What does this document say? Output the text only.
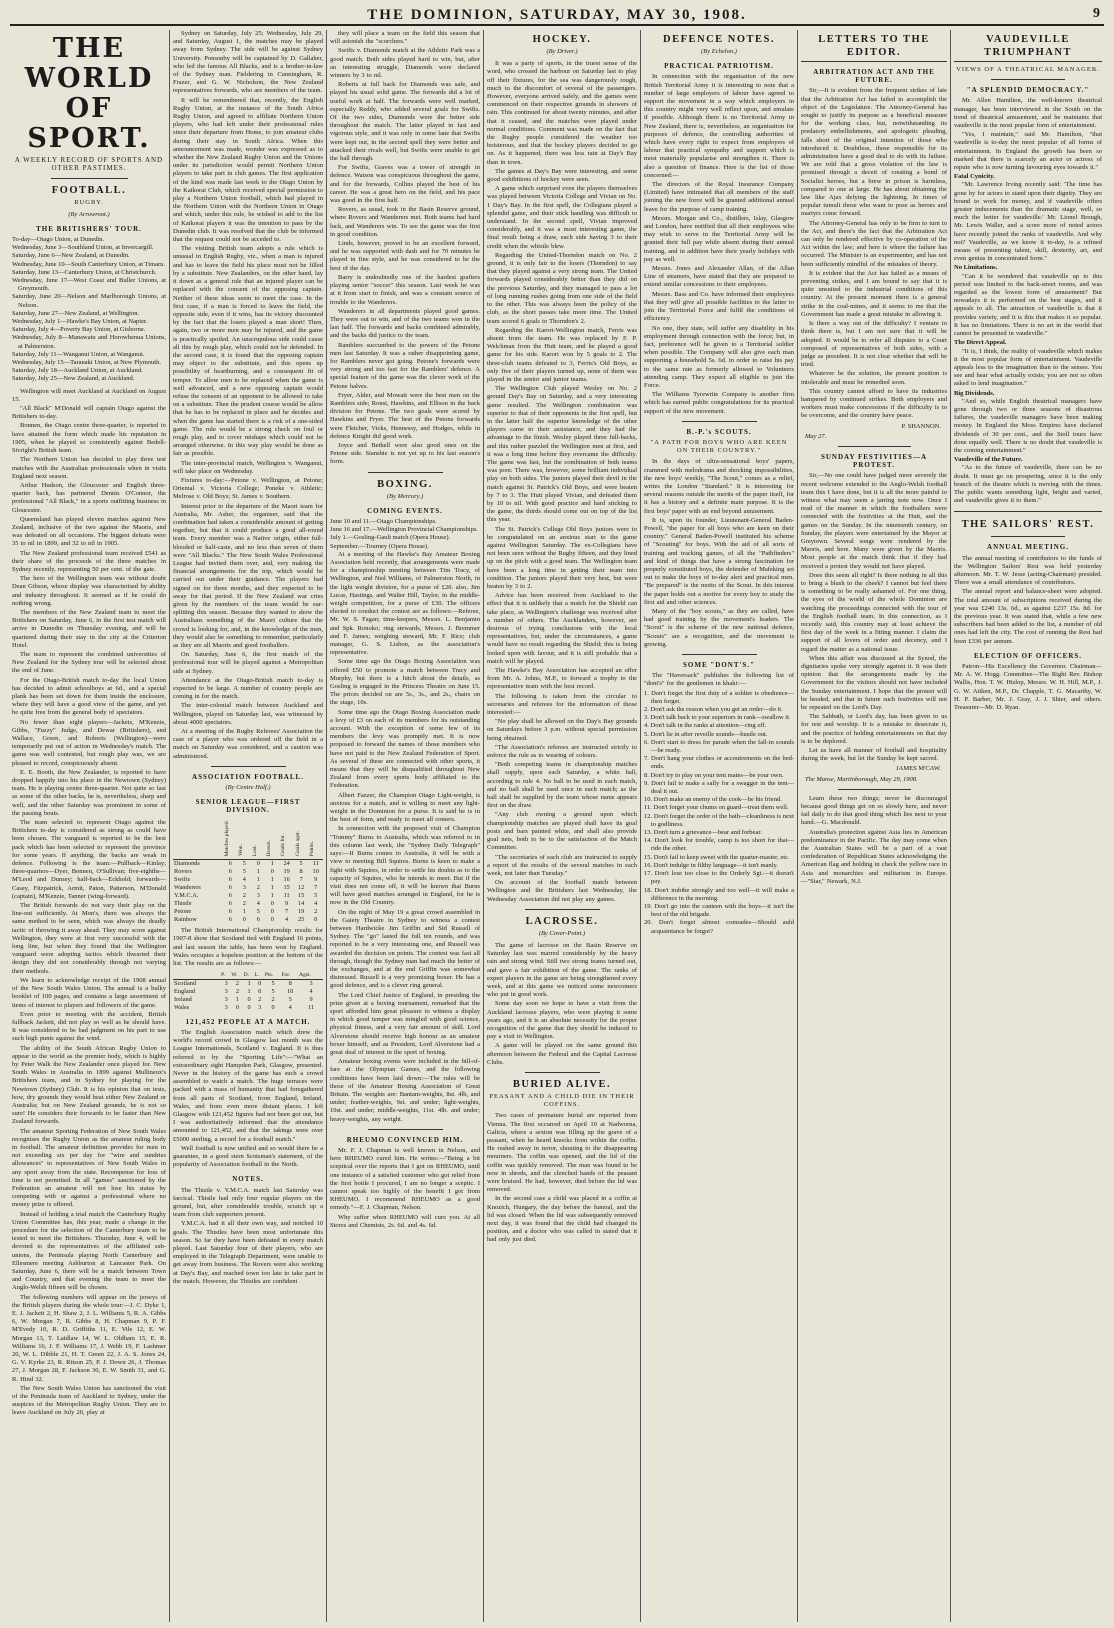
THE DOMINION, SATURDAY, MAY 30, 1908.	9
THE WORLD OF SPORT.
A WEEKLY RECORD OF SPORTS AND OTHER PASTIMES.
FOOTBALL.
RUGBY.
(By Arrowroot.)
THE BRITISHERS' TOUR.
To-day—Otago Union, at Dunedin.
Wednesday, June 3—Southland Union, at Invercargill.
Saturday, June 6—New Zealand, at Dunedin.
Wednesday, June 10—South Canterbury Union, at Timaru.
Saturday, June 13—Canterbury Union, at Christchurch.
Wednesday, June 17—West Coast and Buller Unions, at Greymouth.
Saturday, June 20—Nelson and Marlborough Unions, at Nelson.
Saturday, June 27—New Zealand, at Wellington.
Wednesday, July 1—Hawke's Bay Union, at Napier.
Saturday, July 4—Poverty Bay Union, at Gisborne.
Wednesday, July 8—Manawatu and Horowhenua Unions, at Palmerston.
Saturday, July 11—Wanganui Union, at Wanganui.
Wednesday, July 15—Taranaki Union, at New Plymouth.
Saturday, July 18—Auckland Union, at Auckland.
Saturday, July 25—New Zealand, at Auckland.
Wellington will meet Auckland at Auckland on August 15.
"All Black" M'Donald will captain Otago against the Britishers to-day.
Bonnen, the Otago centre three-quarter, is reported to have attained the form which made his reputation in 1905, when he played so consistently against Bedell-Sivright's British team.
The Northern Union has decided to play three test matches with the Australian professionals when in visits England next season.
Arthur Hudson, the Gloucester and English three-quarter back, has partnered Dennis O'Connor, the professional "All Black," in a sports outfitting business in Gloucester.
Queensland has played eleven matches against New Zealand, inclusive of the two against the Maoris, and was defeated on all occasions. The biggest defeats were 35 to nil in 1899, and 32 to nil in 1905.
The New Zealand professional team received £541 as their share of the proceeds of the three matches in Sydney recently, representing 50 per cent. of the gate.
The hero of the Wellington team was without doubt Dean Gibson, whose display was characterised by ability and industry throughout. It seemed as if he could do nothing wrong.
The members of the New Zealand team to meet the Britishers on Saturday, June 6, in the first test match will arrive in Dunedin on Thursday evening, and will be quartered during their stay in the city at the Criterion Hotel.
The team to represent the combined universities of New Zealand for the Sydney tour will be selected about the end of June.
For the Otago-British match to-day the local Union has decided to admit schoolboys at 6d., and a special plank has been set down for them inside the enclosure, where they will have a good view of the game, and yet be quite free from the general body of spectators.
No fewer than eight players—Jackets, M'Kenzie, Gibbs, "Fuzzy" Judge, and Dewar (Britishers), and Wallace, Green, and Roberts (Wellington)—were temporarily put out of action in Wednesday's match. The game was well contested, but rough play was, we are pleased to record, conspicuously absent.
E. E. Booth, the New Zealander, is reported to have dropped happily into his place in the Newtown (Sydney) team. He is playing centre three-quarter. Not quite so fast as some of the other backs, he is, nevertheless, sharp and well, and the other Saturday was prominent in some of the passing bouts.
The team selected to represent Otago against the Britishers to-day is considered as strong as could have been chosen. The vanguard is reported to be the best pack which has been selected to represent the province for some years. If anything, the backs are weak in defence. Following is the team:—Pullback—Kinlay; three-quarters—Dyer, Bonnen, O'Sullivan; five-eighths—M'Leod and Dunsey; half-back—Eckhold; forwards—Casey, Fitzpatrick, Armit, Paton, Patterson, M'Donald (captain), M'Kenzie, Tanner (wing-forward).
The British forwards do not vary their play on the line-out sufficiently. At Mon's, there was always the same method to be seen, which was always the deadly tactic of throwing it away ahead. They may score against Wellington, they were at first very successful with the long line, but when they found that the Wellington vanguard were adopting tactics which thwarted their design they did not considerably through not varying their methods.
We learn to acknowledge receipt of the 1908 annual of the New South Wales Union. The annual is a bulky booklet of 100 pages, and contains a large assortment of items of interest to players and followers of the game.
Even prior to meeting with the accident, British fullback Jackett, did not play so well as he should have. It was considered to be bad judgment on his part to use such high punts against the wind.
The ability of the South African Rugby Union to appear to the world as the premier body, which is highly by Peter Walk the New Zealander once played for. New South Wales in Australia in 1899 against Mullineux's Britishers team, and in Sydney for playing for the Newtown (Sydney) Club. It is his opinion that on tests, how, dry grounds they would beat either New Zealand or Australia; but on New Zealand grounds, he is not so sure! He considers their forwards to be faster than New Zealand forwards.
The amateur Sporting Federation of New South Wales recognises the Rugby Union as the amateur ruling body in football. The amateur definition provides for men in not exceeding six per day for "wire and sundries allowances" to representatives of New South Wales in any sport away from the state. Recompense for loss of time is not permitted. In all "games" sanctioned by the Federation an amateur will not lose his status by competing with or against a professional where no money prize is offered.
Instead of holding a trial match the Canterbury Rugby Union Committee has, this year, made a change in the procedure for the selection of the Canterbury team to be tested to meet the Britishers. Thursday, June 4, will be devoted to the representatives of the affiliated sub-unions, the Peninsula playing North Canterbury and Ellesmere meeting Ashburton at Lancaster Park. On Saturday, June 6, there will be a match between Town and Country, and that evening the team to meet the Anglo-Welsh fifteen will be chosen.
The following numbers will appear on the jerseys of the British players during the whole tour:—J. C. Dyke 1, E. J. Jackett 2, H. Shaw 2, J. L. Williams 5, R. A. Gibbs 6, W. Morgan 7, R. Gibbs 8, H. Chapman 9, P. F. M'Evedy 10, R. D. Griffiths 11, E. Vile 12, E. W. Morgan 13, T. Laidlaw 14, W. L. Oldham 15, E. R. Williams 16, J. F. Williams 17, J. Webb 19, F. Lashmer 20, W. L. Dibble 21, H. T. Green 22, J. A. S. Jones 24, G. V. Kyrke 23, R. Ritson 25, P. J. Down 26, J. Thomas 27, J. Morgan 28, F. Jackson 30, E. W. Smith 31, and G. R. Hind 32.
The New South Wales Union has sanctioned the visit of the Peninsula team of Auckland to Sydney, under the auspices of the Metropolitan Rugby Union. They are to leave Auckland on July 20, play at
Sydney on Saturday, July 25; Wednesday, July 29, and Saturday, August 1, the matches may be played away from Sydney. The side will be against Sydney University. Ponsonby will be captained by D. Gallaher, who led the famous All Blacks, and is a brother-in-law of the Sydney man. Fieldering in Cunningham, R. Frazer, and G. W. Nicholson, the New Zealand representatives forwards, who are members of the team.
It will be remembered that, recently, the English Rugby Union, at the instance of the South Africa Rugby Union, and agreed to affiliate Northern Union players, who had left under their professional rules since their departure from Home, to join amateur clubs during their stay in South Africa. When this announcement was made, wonder was expressed as to whether the New Zealand Rugby Union and the Unions under its jurisdiction would permit Northern Union players to take part in club games. The first application of the kind was made last week to the Otago Union by the Kaikorai Club, which received special permission to play a Northern Union football, which had played in the Northern Union with the Northern Union in Otago and which, under this rule, he wished to add to the list of Kaikorai players it was the intention to pass by the Dunedin club. It was resolved that the club be informed that the request could not be acceded to.
The visiting British team adopts a rule which is unusual in English Rugby, viz., when a man is injured and has to leave the field his place must not be filled by a substitute. New Zealanders, on the other hand, lay it down as a general rule that an injured player can be replaced with the consent of the opposing captain. Neither of these ideas seem to meet the case. In the first case, if a man is forced to leave the field, the opposite side, even if it wins, has its victory discounted by the fact that the losers played a man short! Then, again, two or more men may be injured, and the game is practically spoiled. An unscrupulous side could cause all this by rough play, which could not be defended. In the second case, it is found that the opposing captain may object to the substitute, and this opens up possibility of heartburning, and a consequent fit of temper. To allow men to be replaced when the game is well advanced, and a new opposing captain would refuse the consent of an opponent to be allowed to take on a substitute. Then the prudent course would be allow that he has to be replaced in place and he decides and when the game has started there is a risk of a one-sided game. The rule would be a strong check on foul or rough play, and to cover mishaps which could not be arranged otherwise. In this way play would be done as fair as possible.
The inter-provincial match, Wellington v. Wanganui, will take place on Wednesday.
Fixtures to-day:—Petone v. Wellington, at Petone; Oriental v. Victoria College; Poneke v. Athletic; Melrose v. Old Boys; St. James v. Southern.
Interest prior to the departure of the Maori team for Australia, Mr. Asher, the organiser, said that the combination had taken a considerable amount of getting together, but that it could produce a good all-round team. Every member was a Native origin, either full-blooded or half-caste, and no less than seven of them were "All Blacks." The New South Wales Professional League had invited them over, and, very making the financial arrangements for the trip, which would be carried out under their guidance. The players had signed on for three months, and they expected to be away for that period. If the New Zealand war cries given by the members of the team would be ear-splitting this season. Because they wanted to show the Australians something of the Maori culture that the crowd is looking for, and, in the knowledge of the men, they would also be something to remember, particularly as they are all Maoris and good footballers.
On Saturday, June 6, the first match of the professional tour will be played against a Metropolitan side at Sydney.
Attendance at the Otago-British match to-day is expected to be large. A number of country people are coming in for the match.
The inter-colonial match between Auckland and Wellington, played on Saturday last, was witnessed by about 4000 spectators.
At a meeting of the Rugby Referees' Association the case of a player who was ordered off the field in a match on Saturday was considered, and a caution was administered.
ASSOCIATION FOOTBALL.
(By Centre Half.)
SENIOR LEAGUE—FIRST DIVISION.
	Matches played.	Won.	Lost.	Drawn.	Goals for.	Goals agst.	Points.
Diamonds	6	5	0	1	24	5	11
Rovers	6	5	1	0	19	8	10
Swifts	6	4	1	1	16	7	9
Wanderers	6	3	2	1	15	12	7
Y.M.C.A.	6	2	3	1	11	15	5
Thistle	6	2	4	0	9	14	4
Petone	6	1	5	0	7	19	2
Rainbow	6	0	6	0	4	25	0
The British International Championship results for 1907-8 show that Scotland tied with England 16 points, and last season the table, has been won by England. Wales occupies a hopeless position at the bottom of the list. The results are as follows:—
	P.	W.	D.	L.	Pts.	For.	Agst.
Scotland	3	2	1	0	5	8	3
England	3	2	1	0	5	10	4
Ireland	3	1	0	2	2	5	9
Wales	3	0	0	3	0	4	11
121,452 PEOPLE AT A MATCH.
The English Association match which drew the world's record crowd in Glasgow last month was the League Internationals, Scotland v. England. It is thus referred to by the "Sporting Life":—"What an extraordinary sight Hampden Park, Glasgow, presented. Never in the history of the game has such a crowd assembled to watch a match. The huge terraces were packed with a mass of humanity that had foregathered from all parts of Scotland, from England, Ireland, Wales, and from even more distant places. I left Glasgow with 121,452 figures had not been got out, but I was authoritatively informed that the attendance amounted to 121,452, and that the takings were over £5000 sterling, a record for a football match."
Well football is now unified and so would there be a guarantee, in a good stern Scotsman's statement, of the popularity of Association football in the North.
NOTES.
The Thistle v. Y.M.C.A. match last Saturday was farcical. Thistle had only four regular players on the ground, but, after considerable trouble, scratch up a team from club supporters present.
Y.M.C.A. had it all their own way, and notched 10 goals. The Thistles have been most unfortunate this season. So far they have been defeated in every match played. Last Saturday four of their players, who are employed in the Telegraph Department, were unable to get away from business. The Rovers were also working at Day's Bay, and reached town too late to take part in the match. However, the Thistles are confident
they will place a team on the field this season that will astonish the "scorchers."
Swifts v. Diamonds match at the Athletic Park was a good match. Both sides played hard to win, but, after an interesting struggle, Diamonds were declared winners by 3 to nil.
Roberts at full back for Diamonds was safe, and played his usual solid game. The forwards did a lot of useful work at half. The forwards were well marked, especially Reddy, who added several goals for Swifts. Of the two sides, Diamonds were the better side throughout the match. The latter played in fast and vigorous style, and it was only in some lane that Swifts were kept out, in the second spell they were better and attacked their rivals well, but Swifts were unable to get the ball through.
For Swifts, Graves was a tower of strength in defence. Watson was conspicuous throughout the game, and for the forwards, Collins played the best of his career. He was a great hero on the field, and his pace was good in the first half.
Rovers, as usual, took in the Basin Reserve ground, where Rovers and Wanderers met. Both teams had hard luck, and Wanderers win. To see the game was the first in good condition.
Linds, however, proved to be an excellent forward, and he was supported with dash and for 70 minutes he played in fine style, and he was considered to be the best of the day.
Barry is undoubtedly one of the hardest grafters playing senior "soccer" this season. Last week he was at it from start to finish, and was a constant source of trouble to the Wanderers.
Wanderers in all departments played good games. They were out to win, and of the two teams won in the last half. The forwards and backs combined admirably, and the backs did justice to the team.
Ramblers succumbed to the powers of the Petone men last Saturday. It was a rather disappointing game, for Ramblers never got going. Petone's forwards were very strong and too fast for the Ramblers' defence. A special feature of the game was the clever work of the Petone halves.
Fryer, Alder, and Mowatt were the best men on the Ramblers side; Ronsi, Hawkins, and Ellison in the back division for Petone. The two goals were scored by Hawkins and Fryer. The best of the Petone forwards were Fletcher, Vicks, Hennessy, and Hodges, while in defence Knight did good work.
Joyce and Bethell were also good ones on the Petone side. Stansbie is not yet up to his last season's form.
BOXING.
(By Mercury.)
COMING EVENTS.
June 10 and 11.—Otago Championships.
June 16 and 17.—Wellington Provincial Championships.
July 1.—Gosling-Gault match (Opera House).
September.—Tourney (Opera House).
At a meeting of the Hawke's Bay Amateur Boxing Association held recently, that arrangements were made for a championship meeting between Tim Tracy, of Wellington, and Ned Williams, of Palmerston North, in the light weight division, for a purse of £20. also, Jim Lucas, Hastings, and Walter Hill, Taylor, in the middle-weight competition, for a purse of £30. The officers elected to conduct the contest are as follows:—Referee, Mr. W. S. Fagan; time-keepers, Messrs. L. Benjamin and Spk. Ronoko; ring stewards, Messrs. J. Bremmer and F. James; weighing steward, Mr. F. Rice; club manager, G. S. Lisbon, as the association's representative.
Some time ago the Otago Boxing Association was offered £50 to promote a match between Tracy and Murphy, but there is a hitch about the details, as Gosling is engaged in the Princess Theatre on June 15. The prices decided on are 5s., 3s., and 2s., chairs on the stage, 10s.
Some time ago the Otago Boxing Association made a levy of £3 on each of its members for its outstanding account. With the exception of some few of its members the levy was promptly met. It is now proposed to forward the names of those members who have not paid to the New Zealand Federation of Sport. As several of these are connected with other sports, it means that they will be disqualified throughout New Zealand from every sports body affiliated to the Federation.
Albert Fazzer, the Champion Otago Light-weight, is anxious for a match, and is willing to meet any light-weight in the Dominion for a purse. It is said he is in the best of form, and ready to meet all comers.
In connection with the proposed visit of Champion "Tommy" Burns to Australia, which was referred to in this column last week, the "Sydney Daily Telegraph" says:—If Burns comes to Australia, it will be with a view to meeting Bill Squires. Burns is keen to make a fight with Squires, in order to settle his doubts as to the capacity of Squires, who he intends to meet. But if the visit does not come off, it will be known that Burns will have good matches arranged in England, for he is now in the Old Country.
On the night of May 19 a great crowd assembled in the Gaiety Theatre in Sydney to witness a contest between Hardwicke Jim Griffin and Sid Russell of Sydney. The "go" lasted the full ten rounds, and was reported to be a very interesting one, and Russell was awarded the decision on points. The contest was fast all through, though the Sydney man had much the better of the exchanges, and at the end Griffin was somewhat distressed. Russell is a very promising boxer. He has a good defence, and is a clever ring general.
The Lord Chief Justice of England, in presiding the prize given at a boxing tournament, remarked that the sport afforded him great pleasure to witness a display in which good temper was mingled with good science, physical fitness, and a very fair amount of skill. Lord Alverstone should receive high honour as an amateur boxer himself, and as President, Lord Alverstone had a great deal of interest in the sport of boxing.
Amateur boxing events were included in the bill-of-fare at the Olympian Games, and the following conditions have been laid down:—The rules will be those of the Amateur Boxing Association of Great Britain. The weights are: Bantam-weights, 8st. 4lb, and under; feather-weights, 9st. and under; light-weights, 10st. and under; middle-weights, 11st. 4lb. and under; heavy-weights, any weight.
RHEUMO CONVINCED HIM.
Mr. F. J. Chapman is well known in Nelson, and here RHEUMO cured him. He writes:—"Being a bit sceptical over the reports that I got on RHEUMO, until one instance of a satisfied customer who got relief from the first bottle I procured, I am no longer a sceptic. I cannot speak too highly of the benefit I got from RHEUMO. I recommend RHEUMO as a good remedy."—F. J. Chapman, Nelson.
Why suffer when RHEUMO will cure you. At all Stores and Chemists, 2s. 6d. and 4s. 6d.
HOCKEY.
(By Driver.)
It was a party of sports, in the truest sense of the word, who crossed the harbour on Saturday last to play off their fixtures, for the sea was dangerously rough, much to the discomfort of several of the passengers. However, everyone arrived safely, and the games were commenced on their respective grounds in showers of rain. This continued for about twenty minutes, and after that it ceased, and the matches were played under normal conditions. Comment was made on the fact that the Rugby people considered the weather too boisterous, and that the hockey players decided to go on. As it happened, there was less rain at Day's Bay than in town.
The games at Day's Bay were interesting, and some good exhibitions of hockey were seen.
A game which surprised even the players themselves was played between Victoria College and Vivian on No. 1 Day's Bay. In the first spell, the Collegians played a splendid game, and their stick handling was difficult to understand. In the second spell, Vivian improved considerably, and it was a most interesting game, the final result being a draw, each side having 3 to their credit when the whistle blew.
Regarding the United-Thorndon match on No. 2 ground, it is only fair to the losers (Thorndon) to say that they played against a very strong team. The United forwards played considerably better than they did on the previous Saturday, and they managed to pass a lot of long running rushes going from one side of the field to the other. This was always been the policy of the club, as the short passes take more time. The United team scored 6 goals to Thorndon's 2.
Regarding the Karori-Wellington match, Ferris was absent from the team. He was replaced by F. P. Welchman from the Hutt team, and he played a good game for his side. Karori won by 5 goals to 2. The three-club teams defeated to 3, Ferris's Old Boys, as only five of their players turned up, none of them was played in the senior and junior teams.
The Wellington Club played Wesley on No. 2 ground Day's Bay on Saturday, and a very interesting game resulted. The Wellington combination was superior to that of their opponents in the first spell, but in the latter half the superior knowledge of the other players came to their assistance, and they had the advantage to the finish. Wesley played three full-backs, and this rather puzzled the Wellington men at first, and it was a long time before they overcame the difficulty. The game was fast, but the combination of both teams was poor. There was, however, some brilliant individual play on both sides. The juniors played their devil in the match against St. Patrick's Old Boys, and were beaten by 7 to 3. The Hutt played Vivian, and defeated them by 10 to nil. With good practice and hard sticking to the game, the thirds should come out on top of the list this year.
The St. Patrick's College Old Boys juniors were to be congratulated on an anxious start to the game against Wellington Saturday. The ex-Collegians have not been seen without the Rugby fifteen, and they lined up on the pitch with a good team. The Wellington team have been a long time in getting their team into condition. The juniors played their very best, but were beaten by 3 to 2.
Advice has been received from Auckland to the effect that it is unlikely that a match for the Shield can take place, as Wellington's challenge was received after a number of others. The Aucklanders, however, are desirous of trying conclusions with the local representatives, but, under the circumstances, a game would have no result regarding the Shield; this is being looked upon with favour, and it is still probable that a match will be played.
The Hawke's Bay Association has accepted an offer from Mr. A. Johns, M.P., to forward a trophy to the representative team with the best record.
The following is taken from the circular to secretaries and referees for the information of those interested:—
"No play shall be allowed on the Day's Bay grounds on Saturdays before 3 p.m. without special permission being obtained.
"The Association's referees are instructed strictly to enforce the rule as to wearing of colours.
"Both competing teams in championship matches shall supply, upon each Saturday, a white ball, according to rule 4. No ball to be used in each match, and no ball shall be used once in each match; as the ball shall be supplied by the team whose name appears first on the draw.
"Any club owning a ground upon which championship matches are played shall have its goal posts and bars painted white, and shall also provide goal nets, both to be to the satisfaction of the Match Committee.
"The secretaries of each club are instructed to supply a report of the results of the several matches in each week, not later than Tuesday."
On account of the football match between Wellington and the Britishers last Wednesday, the Wednesday Association did not play any games.
LACROSSE.
(By Cover-Point.)
The game of lacrosse on the Basin Reserve on Saturday last was marred considerably by the heavy rain and strong wind. Still two strong teams turned out, and gave a fair exhibition of the game. The ranks of expert players in the game are being strengthened every week, and at this game we noticed some newcomers who put in good work.
Some day soon we hope to have a visit from the Auckland lacrosse players, who were playing it some years ago, and it is an absolute necessity for the proper recognition of the game that they should be induced to pay a visit to Wellington.
A game will be played on the same ground this afternoon between the Federal and the Capital Lacrosse Clubs.
BURIED ALIVE.
PEASANT AND A CHILD DIE IN THEIR COFFINS.
Two cases of premature burial are reported from Vienna. The first occurred on April 10 at Nadworna, Galicia, where a sexton was filling up the grave of a peasant, when he heard knocks from within the coffin. He rushed away in terror, shouting to the disappearing mourners. The coffin was opened, and the lid of the coffin was quickly removed. The man was found to be now in shreds, and the clenched hands of the peasant were bruised. He had, however, died before the lid was removed.
In the second case a child was placed in a coffin at Knozich, Hungary, the day before the funeral, and the lid was closed. When the lid was subsequently removed next day, it was found that the child had changed its position, and a doctor who was called in stated that it had only just died.
DEFENCE NOTES.
(By Echelon.)
PRACTICAL PATRIOTISM.
In connection with the organisation of the new British Territorial Army it is interesting to note that a number of large employers of labour have agreed to support the movement in a way which employers in this country might very well reflect upon, and emulate if possible. Although there is no Territorial Army in New Zealand, there is, nevertheless, an organisation for purposes of defence, the controlling authorities of which have every right to expect from employers of labour that practical sympathy and support which is most materially popularise and strengthen it. There is also a question of finance. Here is the list of those concerned:—
The directors of the Royal Insurance Company (Limited) have intimated that all members of the staff joining the new force will be granted additional annual leave for the purpose of camp training.
Messrs. Morgan and Co., distillers, Islay, Glasgow and London, have notified that all their employees who may wish to serve in the Territorial Army will be granted their full pay while absent during their annual training, and in addition have their yearly holidays with pay as well.
Messrs. Jones and Alexander Allan, of the Allan Line of steamers, have stated that they are prepared to extend similar concessions to their employees.
Messrs. Bass and Co. have informed their employees that they will give all possible facilities to the latter to join the Territorial Force and fulfil the conditions of efficiency.
No one, they state, will suffer any disability in his employment through connection with the force; but, in fact, preference will be given to a Territorial soldier when possible. The Company will also give each man supporting a household 5s. 6d. in order to raise his pay to the same rate as formerly allowed to Volunteers attending camp. They expect all eligible to join the Force.
The Williams Tyrewrite Company is another firm which has earned public congratulations for its practical support of the new movement.
B.-P.'s SCOUTS.
"A PATH FOR BOYS WHO ARE KEEN ON THEIR COUNTRY."
In the days of ultra-sensational boys' papers, crammed with melodrama and shocking impossibilities, the new boys' weekly, "The Scout," comes as a relief, writes the London "Standard." It is interesting for several reasons outside the merits of the paper itself, for it has a history and a definite main purpose. It is the first boys' paper with an end beyond amusement.
It is, upon its founder, Lieutenant-General Baden-Powell, "the paper for all boys who are keen on their country." General Baden-Powell instituted his scheme of "Scouting" for boys. With the aid of all sorts of training and tracking games, of all the "Pathfinders" and kind of things that have a strong fascination for properly constituted boys, the defender of Mafeking set out to make the boys of to-day alert and practical men. "Be prepared" is the motto of the Scout. In this interest the paper holds out a motive for every boy to study the first aid and other sciences.
Many of the "boy scouts," as they are called, have had good training by the movement's leaders. The "Scout" is the scheme of the new national defence, "Scouts" are a recognition, and the movement is growing.
SOME "DONT'S."
The "Haversack" publishes the following list of "dont's" for the gentlemen in khaki:—
1. Don't forget the first duty of a soldier is obedience—then forget.
2. Don't ask the reason when you get an order—do it.
3. Don't talk back to your superiors in rank—swallow it.
4. Don't talk in the ranks at attention—ring off.
5. Don't lie in after reveille sounds—hustle out.
6. Don't start to dress for parade when the fall-in sounds—be ready.
7. Don't hang your clothes or accoutrements on the bed-ends.
8. Don't try to play on your tent mates—be your own.
9. Don't fail to make a sally for a swagger in the tent—deal it out.
10. Don't make an enemy of the cook—be his friend.
11. Don't forget your chums on guard—treat them well.
12. Don't forget the order of the bath—cleanliness is next to godliness.
13. Don't turn a grievance—bear and forbear.
14. Don't look for trouble, camp is too short for that—ride the other.
15. Don't fail to keep sweet with the quarter-master, etc.
16. Don't indulge in filthy language—it isn't manly.
17. Don't lose too close to the Orderly Sgt.—it doesn't pay.
18. Don't imbibe strongly and too well—it will make a difference in the morning.
19. Don't go into the canteen with the boys—it isn't the best of the old brigade.
20. Don't forget almost comrades—Should auld acquaintance be forgot?
LETTERS TO THE EDITOR.
ARBITRATION ACT AND THE FUTURE.
Sir,—It is evident from the frequent strikes of late that the Arbitration Act has failed to accomplish the object of the Legislature. The Attorney-General has sought to justify its purpose as a beneficial measure for the working class, but, notwithstanding its predatory embellishments, and apologetic pleading, falls short of the original intention of those who introduced it. Doubtless, those responsible for its administration have a good deal to do with its failure. We are told that a gross violation of the law is promised through a deceit of creating a bond of Socialist heroes, but a brew in prison is harmless, compared to one at large. He has about obtaining the law like Ajax defying the lightning. In times of popular tumult those who want to pose as heroes and martyrs come forward.
The Attorney-General has only to be firm to turn to the Act, and there's the fact that the Arbitration Act can only be rendered effective by co-operation of the Act within the law; and here is where the failure has occurred. The Minister is an experimenter, and has not been sufficiently mindful of the mistakes of theory.
It is evident that the Act has failed as a means of preventing strikes, and I am bound to say that it is quite unsuited to the industrial conditions of this country. At the present moment there is a general strike in the coal-mines, and it seems to me that the Government has made a great mistake in allowing it.
Is there a way out of the difficulty? I venture to think there is, but I am not sure that it will be adopted. It would be to refer all disputes to a Court composed of representatives of both sides, with a judge as president. It is not clear whether that will be tried.
Whatever be the solution, the present position is intolerable and must be remedied soon.
This country cannot afford to have its industries hampered by continued strikes. Both employers and workers must make concessions if the difficulty is to be overcome, and the country have peace.
P. SHANNON.
May 27.
SUNDAY FESTIVITIES—A PROTEST.
Sir,—No one could have judged more severely the recent welcome extended to the Anglo-Welsh football team this I have done, but it is all the more painful to witness what may seem a jarring note now. Once I read of the manner in which the footballers were connected with the festivities at the Hutt, and the games on the Sunday. In the nineteenth century, on Sunday, the players were entertained by the Mayor at Greytown. Several songs were rendered by the Maoris, and here. Many were given by the Maoris. Most people at the match think that if they had received a protest they would not have played.
Does this seem all right? Is there nothing in all this to bring a blush to the cheek? I cannot but feel there is something to be really ashamed of. For one thing, the eyes of the world of the whole Dominion are watching the proceedings connected with the tour of the English football team. In this connection, as I recently said, this country may at least achieve the first day of the week in a fitting manner. I claim the support of all lovers of order and decency, and I regard the matter as a national issue.
When this affair was discussed at the Synod, the dignitaries spoke very strongly against it. It was their opinion that the arrangements made by the Government for the visitors should not have included the Sunday entertainment. I hope that the protest will be heeded, and that in future such festivities will not be repeated on the Lord's Day.
The Sabbath, or Lord's day, has been given to us for rest and worship. It is a mistake to desecrate it, and the practice of holding entertainments on that day is to be deplored.
Let us have all manner of football and hospitality during the week, but let the Sunday be kept sacred.
JAMES M'CAW.
The Manse, Martinborough, May 29, 1908.
Learn these two things; never be discouraged because good things get on so slowly here, and never fail daily to do that good thing which lies next to your hand.—G. Macdonald.
Australia's protection against Asia lies in American predominance in the Pacific. The day may come when the Australian States will be a part of a vast confederation of Republican States acknowledging the American flag and holding in check the yellow race in Asia and monarchies and militarism in Europe.—"Star," Newark, N.J.
VAUDEVILLE TRIUMPHANT
VIEWS OF A THEATRICAL MANAGER.
"A SPLENDID DEMOCRACY."
Mr. Allen Hamilton, the well-known theatrical manager, has been interviewed in the South on the trend of theatrical amusement, and he maintains that vaudeville is the most popular form of entertainment.
"Yes, I maintain," said Mr. Hamilton, "that vaudeville is to-day the most popular of all forms of entertainment. In England the growth has been so marked that there is scarcely an actor or actress of repute who is now turning favouring eyes towards it."
Fatal Cynicity.
"Mr. Lawrence Irving recently said: 'The time has gone by for actors to stand upon their dignity. They are bound to work for money, and if vaudeville offers greater inducements than the dramatic stage, well, so much the better for vaudeville.' Mr. Lionel Brough, Mr. Lewis Waller, and a score more of noted actors have recently joined the ranks of vaudeville. And why not? Vaudeville, as we know it to-day, is a refined means of presenting talent, skill, dexterity, art, and even genius in concentrated form."
No Limitations.
"Can it be wondered that vaudeville up to this period was limited to the back-street rooms, and was regarded as the lowest form of amusement? But nowadays it is performed on the best stages, and it appeals to all. The attraction of vaudeville is that it provides variety, and it is this that makes it so popular. It has no limitations. There is no art in the world that cannot be presented in vaudeville."
The Direct Appeal.
"It is, I think, the reality of vaudeville which makes it the most popular form of entertainment. Vaudeville appeals less to the imagination than to the senses. You see and hear what actually exists; you are not so often asked to lend imagination."
Big Dividends.
"And so, while English theatrical managers have gone through two or three seasons of disastrous failures, the vaudeville managers have been making money. In England the Moss Empires have declared dividends of 30 per cent., and the Stoll tours have done equally well. There is no doubt that vaudeville is the coming entertainment."
Vaudeville of the Future.
"As to the future of vaudeville, there can be no doubt. It must go on prospering, since it is the only branch of the theatre which is moving with the times. The public wants something light, bright and varied, and vaudeville gives it to them."
THE SAILORS' REST.
ANNUAL MEETING.
The annual meeting of contributors to the funds of the Wellington Sailors' Rest was held yesterday afternoon. Mr. T. W. Jesse (acting-Chairman) presided. There was a small attendance of contributors.
The annual report and balance-sheet were adopted. The total amount of subscriptions received during the year was £240 13s. 6d., as against £237 15s. 8d. for the previous year. It was stated that, while a few new subscribers had been added to the list, a number of old ones had left the city. The cost of running the Rest had been £336 per annum.
ELECTION OF OFFICERS.
Patron—His Excellency the Governor. Chairman—Mr. A. W. Hogg. Committee—The Right Rev. Bishop Wallis, Hon. T. W. Hislop, Messrs. W. H. Hill, M.P., J. G. W. Aitken, M.P., Dr. Chapple, T. G. Macarthy, W. H. P. Barber, Mr. J. Gray, J. J. Shier, and others. Treasurer—Mr. D. Ryan.
